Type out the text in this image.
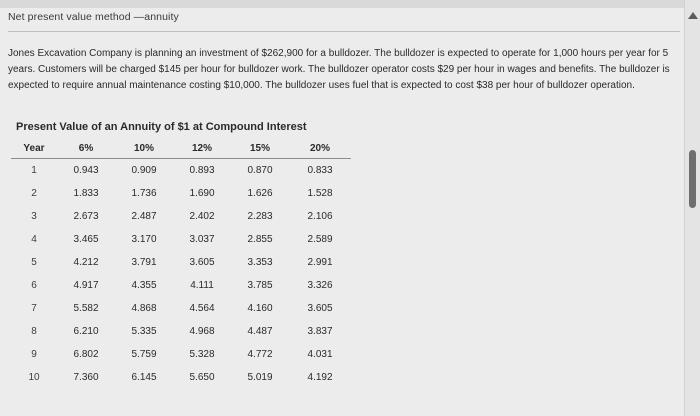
Net present value method —annuity

Jones Excavation Company is planning an investment of $262,900 for a bulldozer. The bulldozer is expected to operate for 1,000 hours per year for 5 years. Customers will be charged $145 per hour for bulldozer work. The bulldozer operator costs $29 per hour in wages and benefits. The bulldozer is expected to require annual maintenance costing $10,000. The bulldozer uses fuel that is expected to cost $38 per hour of bulldozer operation.

Present Value of an Annuity of $1 at Compound Interest
Year	6%	10%	12%	15%	20%
1	0.943	0.909	0.893	0.870	0.833
2	1.833	1.736	1.690	1.626	1.528
3	2.673	2.487	2.402	2.283	2.106
4	3.465	3.170	3.037	2.855	2.589
5	4.212	3.791	3.605	3.353	2.991
6	4.917	4.355	4.111	3.785	3.326
7	5.582	4.868	4.564	4.160	3.605
8	6.210	5.335	4.968	4.487	3.837
9	6.802	5.759	5.328	4.772	4.031
10	7.360	6.145	5.650	5.019	4.192
